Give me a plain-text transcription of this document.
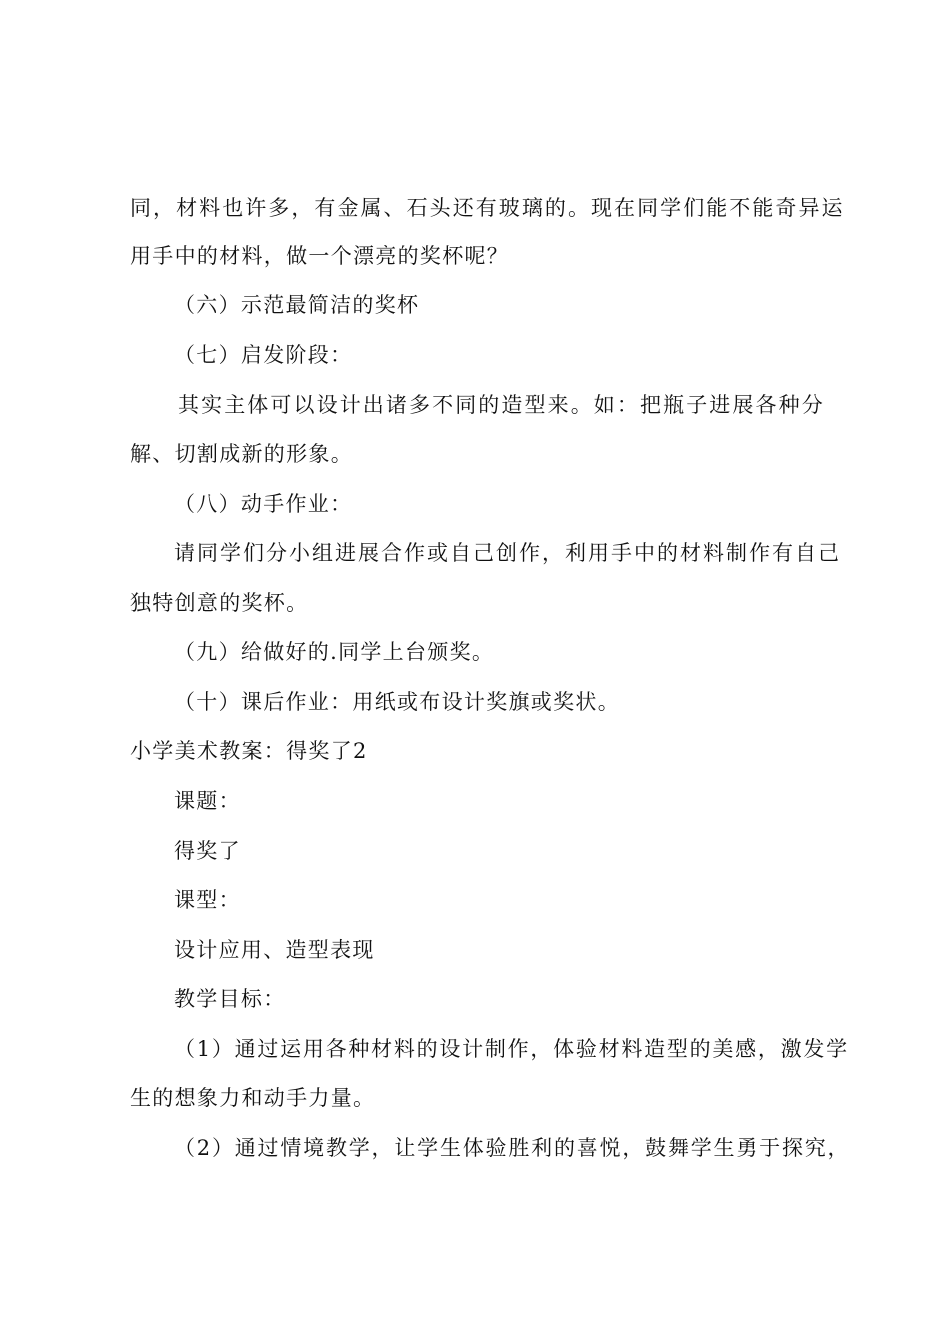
同，材料也许多，有金属、石头还有玻璃的。现在同学们能不能奇异运
用手中的材料，做一个漂亮的奖杯呢？
（六）示范最简洁的奖杯
（七）启发阶段：
其实主体可以设计出诸多不同的造型来。如：把瓶子进展各种分
解、切割成新的形象。
（八）动手作业：
请同学们分小组进展合作或自己创作，利用手中的材料制作有自己
独特创意的奖杯。
（九）给做好的.同学上台颁奖。
（十）课后作业：用纸或布设计奖旗或奖状。
小学美术教案：得奖了2
课题：
得奖了
课型：
设计应用、造型表现
教学目标：
（1）通过运用各种材料的设计制作，体验材料造型的美感，激发学
生的想象力和动手力量。
（2）通过情境教学，让学生体验胜利的喜悦，鼓舞学生勇于探究，
